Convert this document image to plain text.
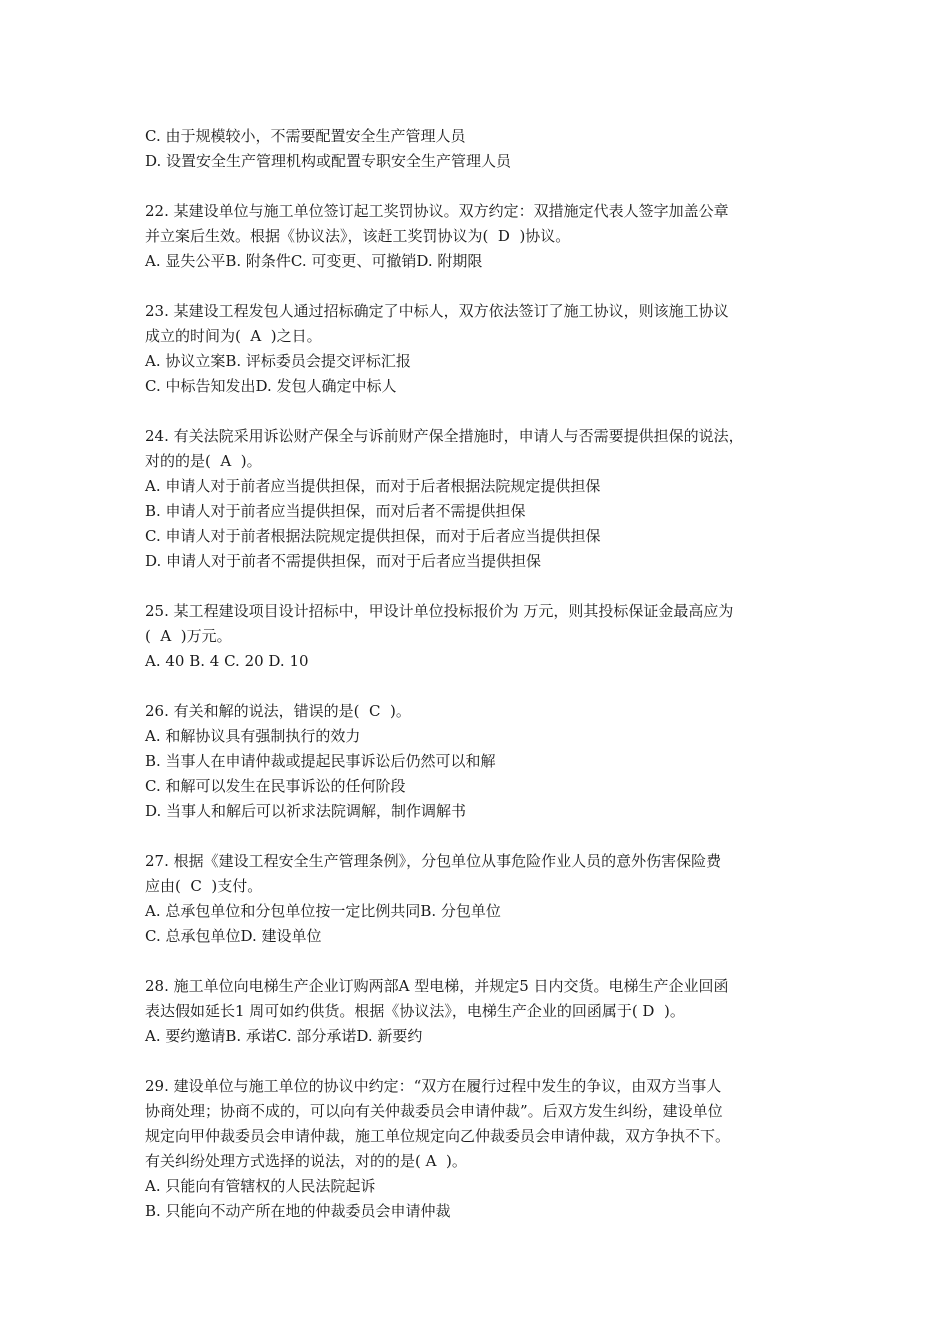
C. 由于规模较小，不需要配置安全生产管理人员
D. 设置安全生产管理机构或配置专职安全生产管理人员
22. 某建设单位与施工单位签订起工奖罚协议。双方约定：双措施定代表人签字加盖公章
并立案后生效。根据《协议法》，该赶工奖罚协议为(  D  )协议。
A. 显失公平B. 附条件C. 可变更、可撤销D. 附期限
23. 某建设工程发包人通过招标确定了中标人，双方依法签订了施工协议，则该施工协议
成立的时间为(  A  )之日。
A. 协议立案B. 评标委员会提交评标汇报
C. 中标告知发出D. 发包人确定中标人
24. 有关法院采用诉讼财产保全与诉前财产保全措施时，申请人与否需要提供担保的说法，
对的的是(  A  )。
A. 申请人对于前者应当提供担保，而对于后者根据法院规定提供担保
B. 申请人对于前者应当提供担保，而对后者不需提供担保
C. 申请人对于前者根据法院规定提供担保，而对于后者应当提供担保
D. 申请人对于前者不需提供担保，而对于后者应当提供担保
25. 某工程建设项目设计招标中，甲设计单位投标报价为 万元，则其投标保证金最高应为
(  A  )万元。
A. 40 B. 4 C. 20 D. 10
26. 有关和解的说法，错误的是(  C  )。
A. 和解协议具有强制执行的效力
B. 当事人在申请仲裁或提起民事诉讼后仍然可以和解
C. 和解可以发生在民事诉讼的任何阶段
D. 当事人和解后可以祈求法院调解，制作调解书
27. 根据《建设工程安全生产管理条例》，分包单位从事危险作业人员的意外伤害保险费
应由(  C  )支付。
A. 总承包单位和分包单位按一定比例共同B. 分包单位
C. 总承包单位D. 建设单位
28. 施工单位向电梯生产企业订购两部A 型电梯，并规定5 日内交货。电梯生产企业回函
表达假如延长1 周可如约供货。根据《协议法》，电梯生产企业的回函属于( D  )。
A. 要约邀请B. 承诺C. 部分承诺D. 新要约
29. 建设单位与施工单位的协议中约定：“双方在履行过程中发生的争议，由双方当事人
协商处理；协商不成的，可以向有关仲裁委员会申请仲裁”。后双方发生纠纷，建设单位
规定向甲仲裁委员会申请仲裁，施工单位规定向乙仲裁委员会申请仲裁，双方争执不下。
有关纠纷处理方式选择的说法，对的的是( A  )。
A. 只能向有管辖权的人民法院起诉
B. 只能向不动产所在地的仲裁委员会申请仲裁
